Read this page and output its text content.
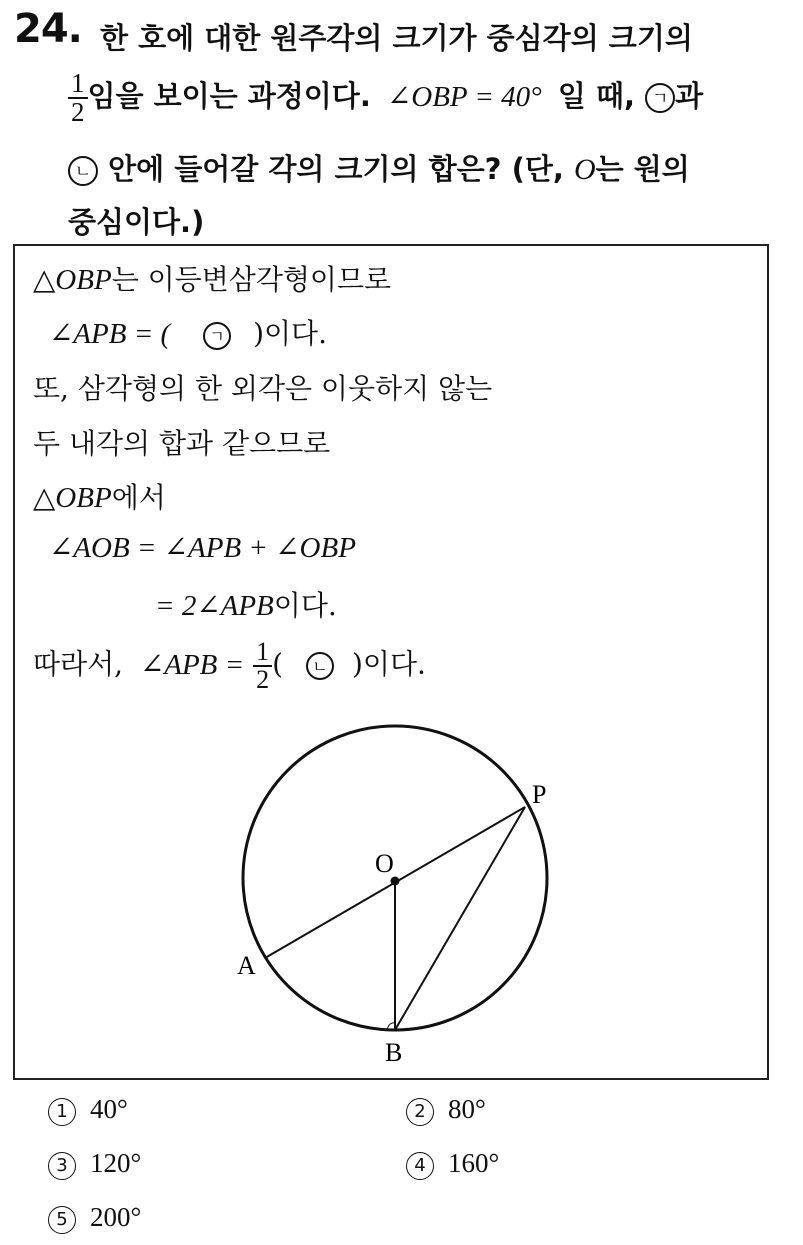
24. 한 호에 대한 원주각의 크기가 중심각의 크기의
$\frac{1}{2}$ 임을 보이는 과정이다. ∠OBP = 40° 일 때, ㄱ 과
ㄴ 안에 들어갈 각의 크기의 합은? (단, O는 원의
중심이다.)
△OBP는 이등변삼각형이므로
∠APB = ( ㄱ )이다.
또, 삼각형의 한 외각은 이웃하지 않는
두 내각의 합과 같으므로
△OBP에서
∠AOB = ∠APB + ∠OBP
= 2∠APB이다.
따라서, ∠APB = $\frac{1}{2}$ ( ㄴ )이다.
O
P
A
B
1 40°	2 80°
3 120°	4 160°
5 200°
